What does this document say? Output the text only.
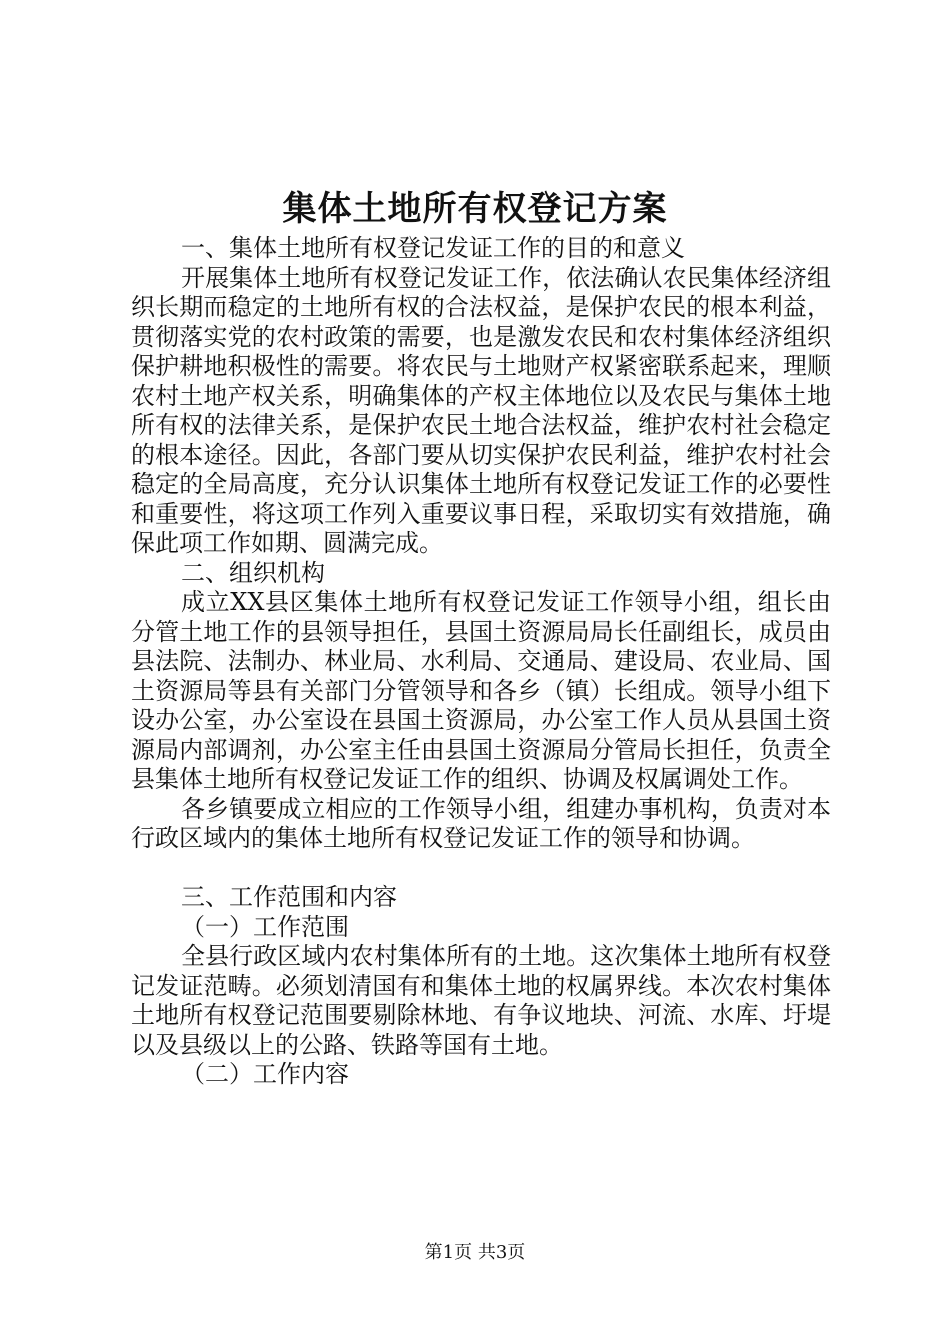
集体土地所有权登记方案

一、集体土地所有权登记发证工作的目的和意义

开展集体土地所有权登记发证工作，依法确认农民集体经济组织长期而稳定的土地所有权的合法权益，是保护农民的根本利益，贯彻落实党的农村政策的需要，也是激发农民和农村集体经济组织保护耕地积极性的需要。将农民与土地财产权紧密联系起来，理顺农村土地产权关系，明确集体的产权主体地位以及农民与集体土地所有权的法律关系，是保护农民土地合法权益，维护农村社会稳定的根本途径。因此，各部门要从切实保护农民利益，维护农村社会稳定的全局高度，充分认识集体土地所有权登记发证工作的必要性和重要性，将这项工作列入重要议事日程，采取切实有效措施，确保此项工作如期、圆满完成。

二、组织机构

成立XX县区集体土地所有权登记发证工作领导小组，组长由分管土地工作的县领导担任，县国土资源局局长任副组长，成员由县法院、法制办、林业局、水利局、交通局、建设局、农业局、国土资源局等县有关部门分管领导和各乡（镇）长组成。领导小组下设办公室，办公室设在县国土资源局，办公室工作人员从县国土资源局内部调剂，办公室主任由县国土资源局分管局长担任，负责全县集体土地所有权登记发证工作的组织、协调及权属调处工作。

各乡镇要成立相应的工作领导小组，组建办事机构，负责对本行政区域内的集体土地所有权登记发证工作的领导和协调。

三、工作范围和内容

（一）工作范围

全县行政区域内农村集体所有的土地。这次集体土地所有权登记发证范畴。必须划清国有和集体土地的权属界线。本次农村集体土地所有权登记范围要剔除林地、有争议地块、河流、水库、圩堤以及县级以上的公路、铁路等国有土地。

（二）工作内容

第1页 共3页
